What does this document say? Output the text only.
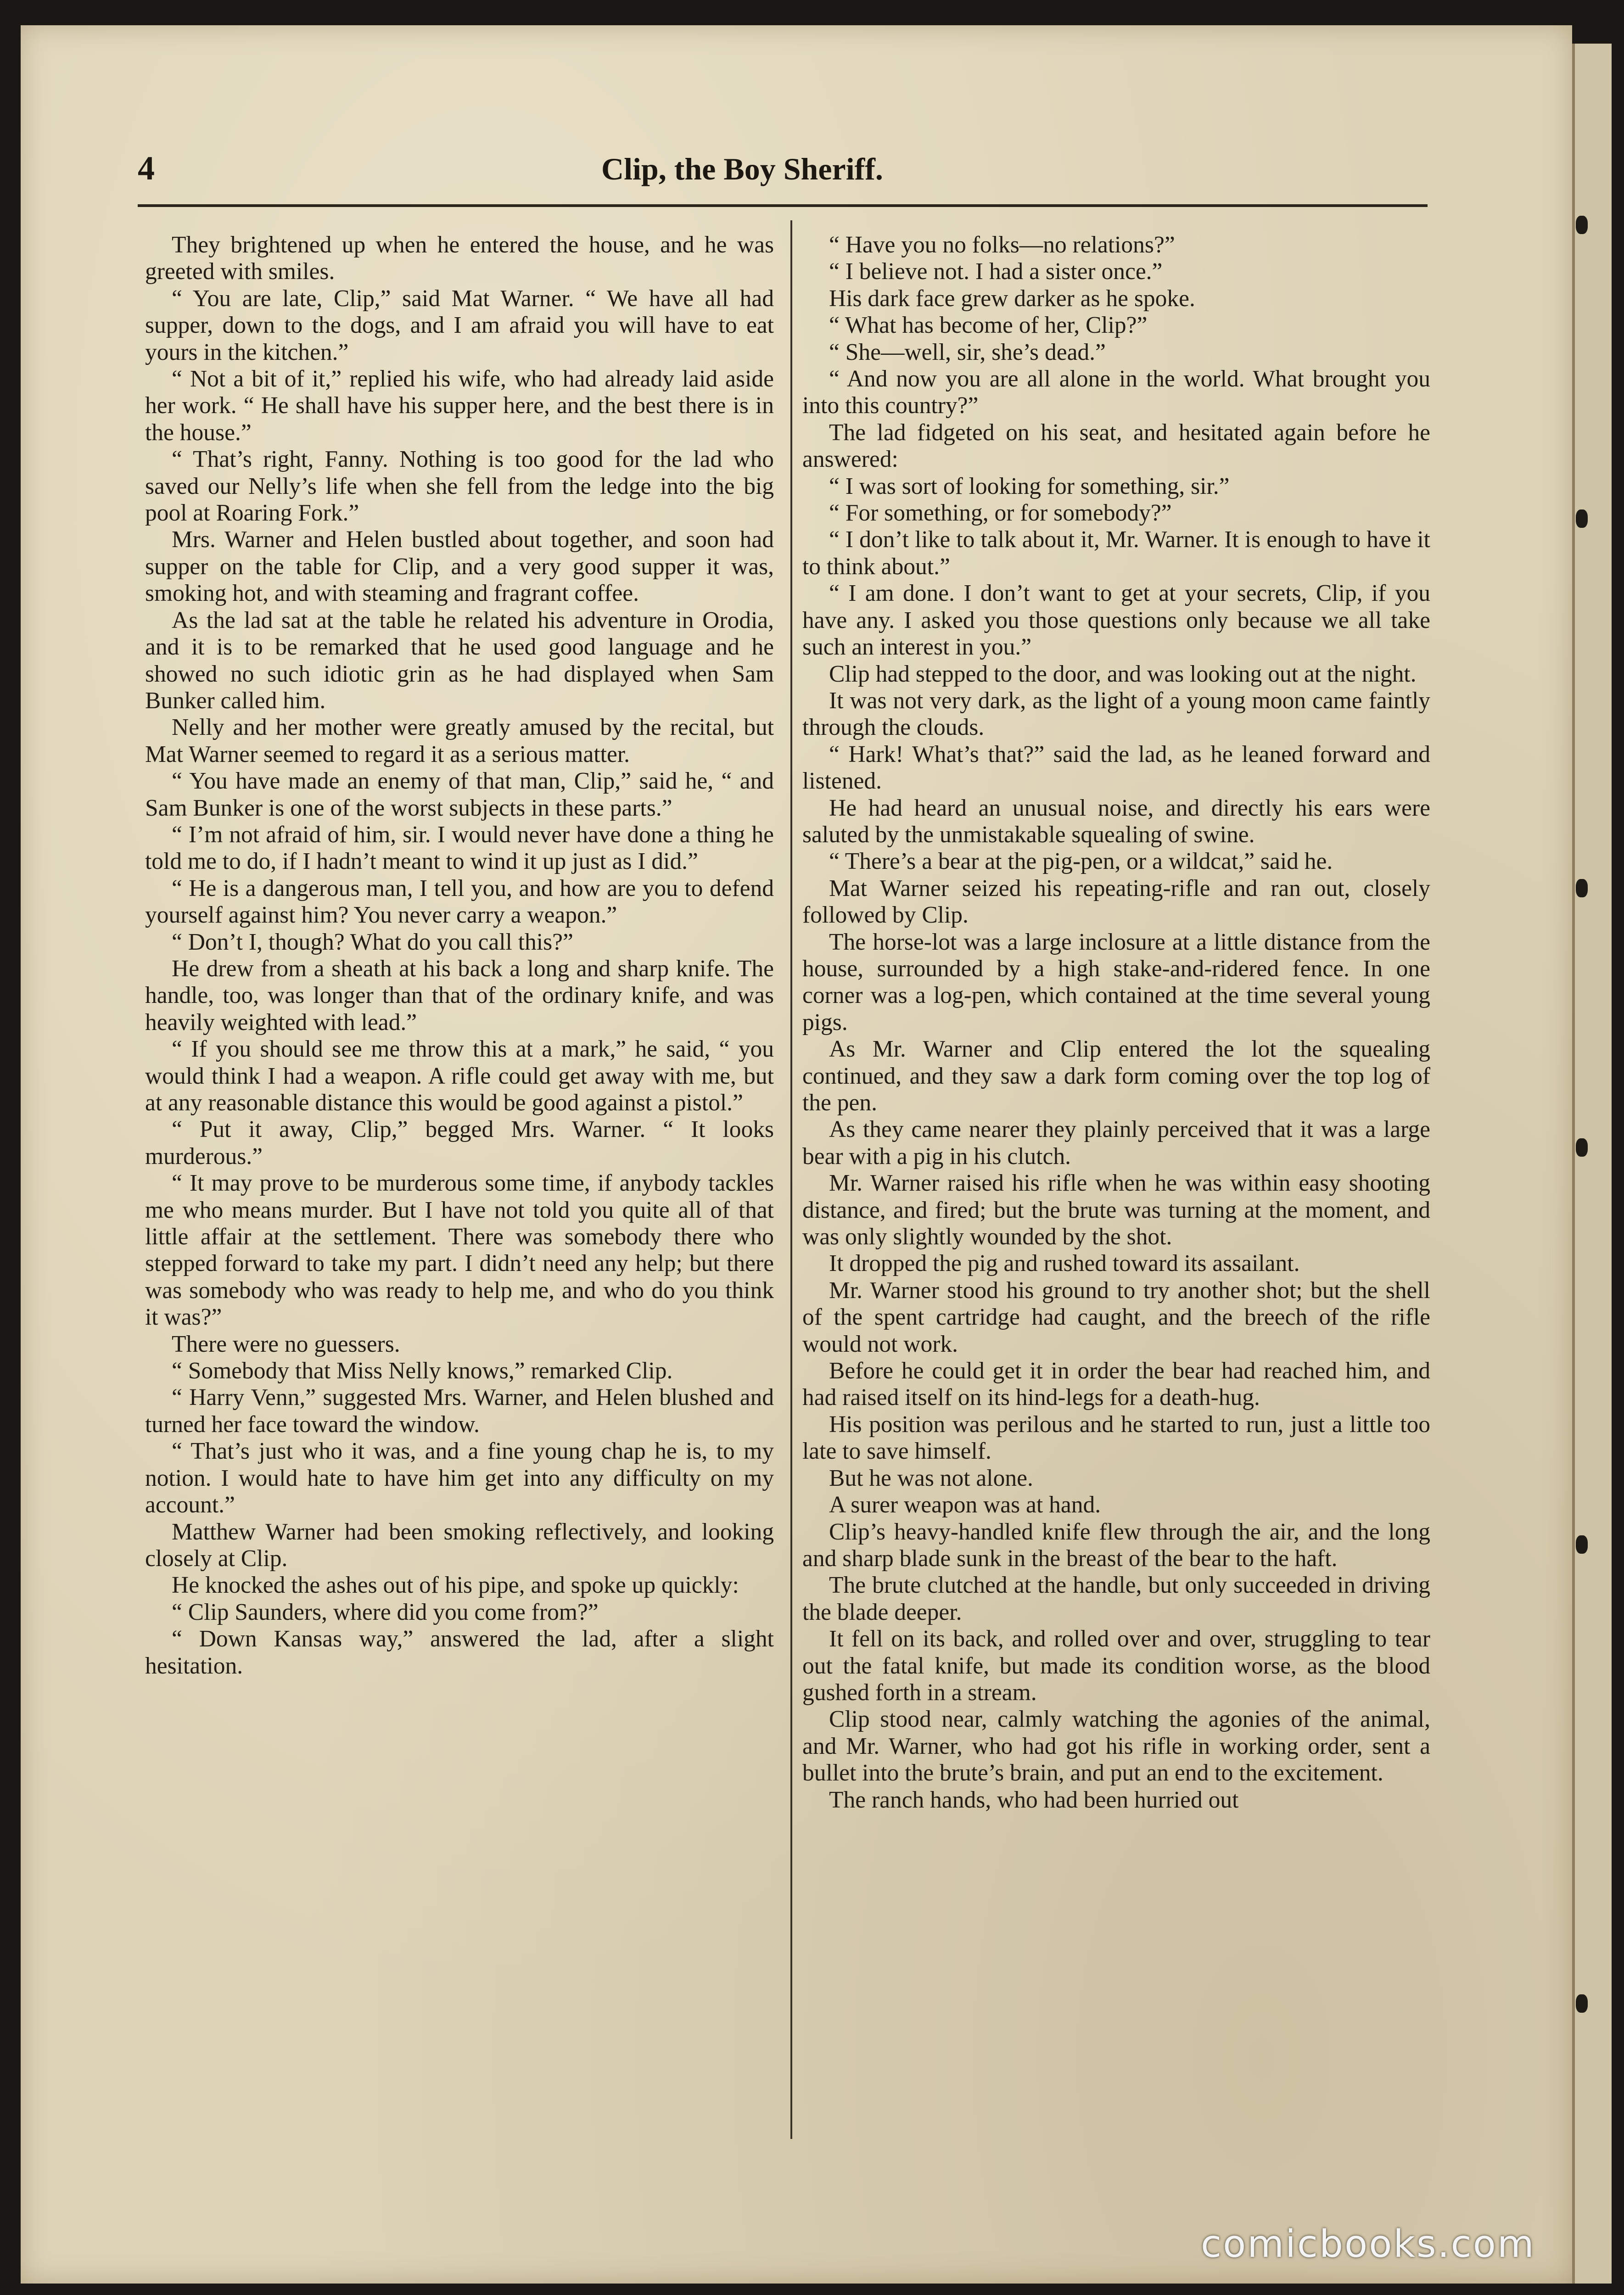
4	Clip, the Boy Sheriff.

They brightened up when he entered the house, and he was greeted with smiles.

“ You are late, Clip,” said Mat Warner. “ We have all had supper, down to the dogs, and I am afraid you will have to eat yours in the kitchen.”

“ Not a bit of it,” replied his wife, who had already laid aside her work. “ He shall have his supper here, and the best there is in the house.”

“ That’s right, Fanny. Nothing is too good for the lad who saved our Nelly’s life when she fell from the ledge into the big pool at Roaring Fork.”

Mrs. Warner and Helen bustled about together, and soon had supper on the table for Clip, and a very good supper it was, smoking hot, and with steaming and fragrant coffee.

As the lad sat at the table he related his adventure in Orodia, and it is to be remarked that he used good language and he showed no such idiotic grin as he had displayed when Sam Bunker called him.

Nelly and her mother were greatly amused by the recital, but Mat Warner seemed to regard it as a serious matter.

“ You have made an enemy of that man, Clip,” said he, “ and Sam Bunker is one of the worst subjects in these parts.”

“ I’m not afraid of him, sir. I would never have done a thing he told me to do, if I hadn’t meant to wind it up just as I did.”

“ He is a dangerous man, I tell you, and how are you to defend yourself against him? You never carry a weapon.”

“ Don’t I, though? What do you call this?”

He drew from a sheath at his back a long and sharp knife. The handle, too, was longer than that of the ordinary knife, and was heavily weighted with lead.”

“ If you should see me throw this at a mark,” he said, “ you would think I had a weapon. A rifle could get away with me, but at any reasonable distance this would be good against a pistol.”

“ Put it away, Clip,” begged Mrs. Warner. “ It looks murderous.”

“ It may prove to be murderous some time, if anybody tackles me who means murder. But I have not told you quite all of that little affair at the settlement. There was somebody there who stepped forward to take my part. I didn’t need any help; but there was somebody who was ready to help me, and who do you think it was?”

There were no guessers.

“ Somebody that Miss Nelly knows,” remarked Clip.

“ Harry Venn,” suggested Mrs. Warner, and Helen blushed and turned her face toward the window.

“ That’s just who it was, and a fine young chap he is, to my notion. I would hate to have him get into any difficulty on my account.”

Matthew Warner had been smoking reflectively, and looking closely at Clip.

He knocked the ashes out of his pipe, and spoke up quickly:

“ Clip Saunders, where did you come from?”

“ Down Kansas way,” answered the lad, after a slight hesitation.

“ Have you no folks—no relations?”

“ I believe not. I had a sister once.”

His dark face grew darker as he spoke.

“ What has become of her, Clip?”

“ She—well, sir, she’s dead.”

“ And now you are all alone in the world. What brought you into this country?”

The lad fidgeted on his seat, and hesitated again before he answered:

“ I was sort of looking for something, sir.”

“ For something, or for somebody?”

“ I don’t like to talk about it, Mr. Warner. It is enough to have it to think about.”

“ I am done. I don’t want to get at your secrets, Clip, if you have any. I asked you those questions only because we all take such an interest in you.”

Clip had stepped to the door, and was looking out at the night.

It was not very dark, as the light of a young moon came faintly through the clouds.

“ Hark! What’s that?” said the lad, as he leaned forward and listened.

He had heard an unusual noise, and directly his ears were saluted by the unmistakable squealing of swine.

“ There’s a bear at the pig-pen, or a wildcat,” said he.

Mat Warner seized his repeating-rifle and ran out, closely followed by Clip.

The horse-lot was a large inclosure at a little distance from the house, surrounded by a high stake-and-ridered fence. In one corner was a log-pen, which contained at the time several young pigs.

As Mr. Warner and Clip entered the lot the squealing continued, and they saw a dark form coming over the top log of the pen.

As they came nearer they plainly perceived that it was a large bear with a pig in his clutch.

Mr. Warner raised his rifle when he was within easy shooting distance, and fired; but the brute was turning at the moment, and was only slightly wounded by the shot.

It dropped the pig and rushed toward its assailant.

Mr. Warner stood his ground to try another shot; but the shell of the spent cartridge had caught, and the breech of the rifle would not work.

Before he could get it in order the bear had reached him, and had raised itself on its hind-legs for a death-hug.

His position was perilous and he started to run, just a little too late to save himself.

But he was not alone.

A surer weapon was at hand.

Clip’s heavy-handled knife flew through the air, and the long and sharp blade sunk in the breast of the bear to the haft.

The brute clutched at the handle, but only succeeded in driving the blade deeper.

It fell on its back, and rolled over and over, struggling to tear out the fatal knife, but made its condition worse, as the blood gushed forth in a stream.

Clip stood near, calmly watching the agonies of the animal, and Mr. Warner, who had got his rifle in working order, sent a bullet into the brute’s brain, and put an end to the excitement.

The ranch hands, who had been hurried out

comicbooks.com
